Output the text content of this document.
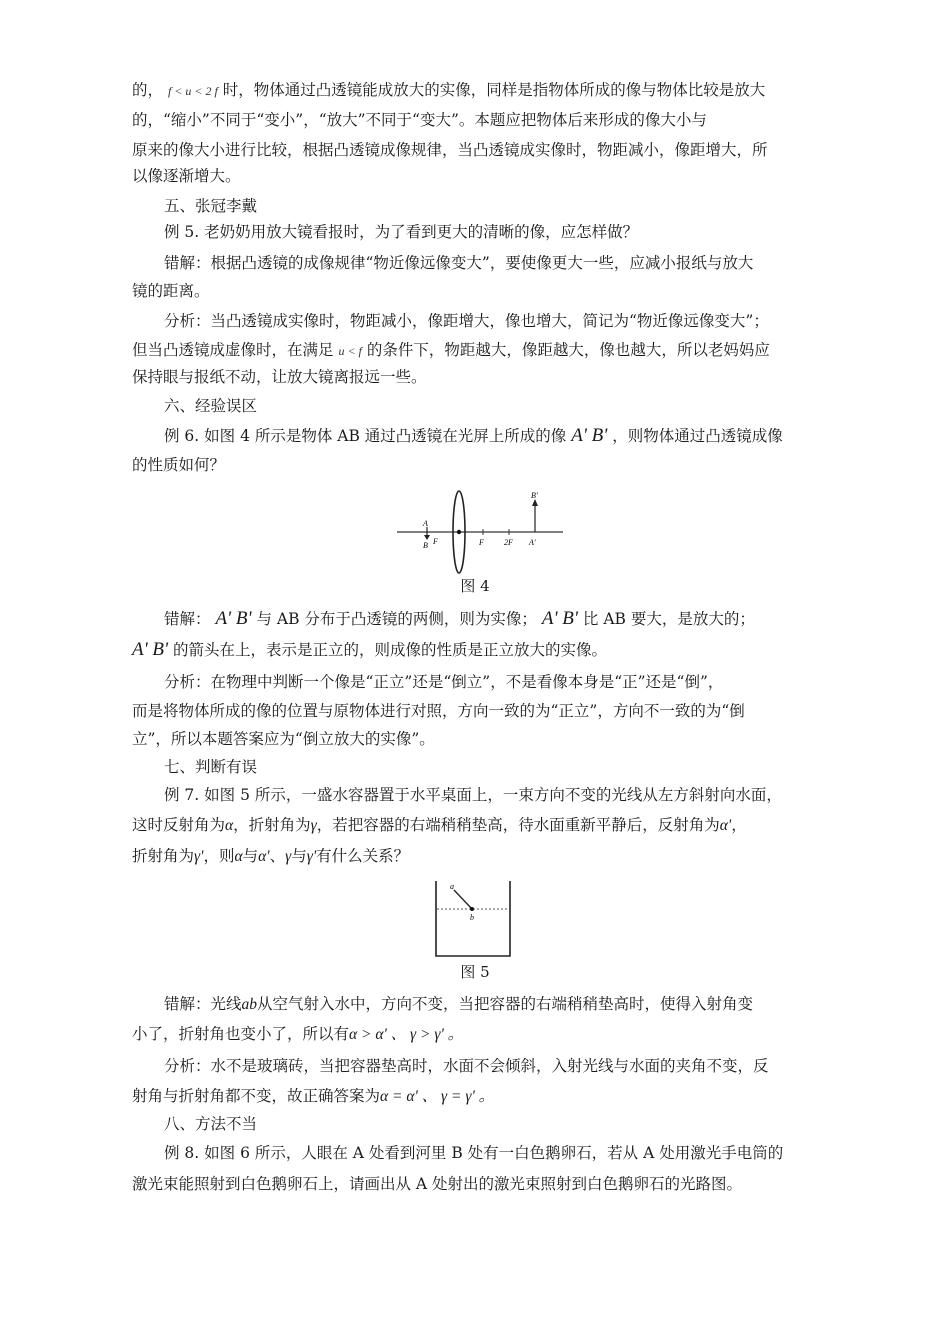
的， f < u < 2 f 时，物体通过凸透镜能成放大的实像，同样是指物体所成的像与物体比较是放大
的，“缩小”不同于“变小”，“放大”不同于“变大”。本题应把物体后来形成的像大小与
原来的像大小进行比较，根据凸透镜成像规律，当凸透镜成实像时，物距减小，像距增大，所
以像逐渐增大。
五、张冠李戴
例 5. 老奶奶用放大镜看报时，为了看到更大的清晰的像，应怎样做？
错解：根据凸透镜的成像规律“物近像远像变大”，要使像更大一些，应减小报纸与放大
镜的距离。
分析：当凸透镜成实像时，物距减小，像距增大，像也增大，简记为“物近像远像变大”；
但当凸透镜成虚像时，在满足 u < f 的条件下，物距越大，像距越大，像也越大，所以老妈妈应
保持眼与报纸不动，让放大镜离报远一些。
六、经验误区
例 6. 如图 4 所示是物体 AB 通过凸透镜在光屏上所成的像 A' B' ，则物体通过凸透镜成像
的性质如何？
A
B F	F	2F
B'
A'
图 4
错解： A' B' 与 AB 分布于凸透镜的两侧，则为实像； A' B' 比 AB 要大，是放大的；
A' B' 的箭头在上，表示是正立的，则成像的性质是正立放大的实像。
分析：在物理中判断一个像是“正立”还是“倒立”，不是看像本身是“正”还是“倒”，
而是将物体所成的像的位置与原物体进行对照，方向一致的为“正立”，方向不一致的为“倒
立”，所以本题答案应为“倒立放大的实像”。
七、判断有误
例 7. 如图 5 所示，一盛水容器置于水平桌面上，一束方向不变的光线从左方斜射向水面，
这时反射角为α，折射角为γ，若把容器的右端稍稍垫高，待水面重新平静后，反射角为α'，
折射角为γ'，则α与α'、γ与γ'有什么关系？
a
b
图 5
错解：光线ab从空气射入水中，方向不变，当把容器的右端稍稍垫高时，使得入射角变
小了，折射角也变小了，所以有α > α' 、 γ > γ' 。
分析：水不是玻璃砖，当把容器垫高时，水面不会倾斜，入射光线与水面的夹角不变，反
射角与折射角都不变，故正确答案为α = α' 、 γ = γ' 。
八、方法不当
例 8. 如图 6 所示，人眼在 A 处看到河里 B 处有一白色鹅卵石，若从 A 处用激光手电筒的
激光束能照射到白色鹅卵石上，请画出从 A 处射出的激光束照射到白色鹅卵石的光路图。
